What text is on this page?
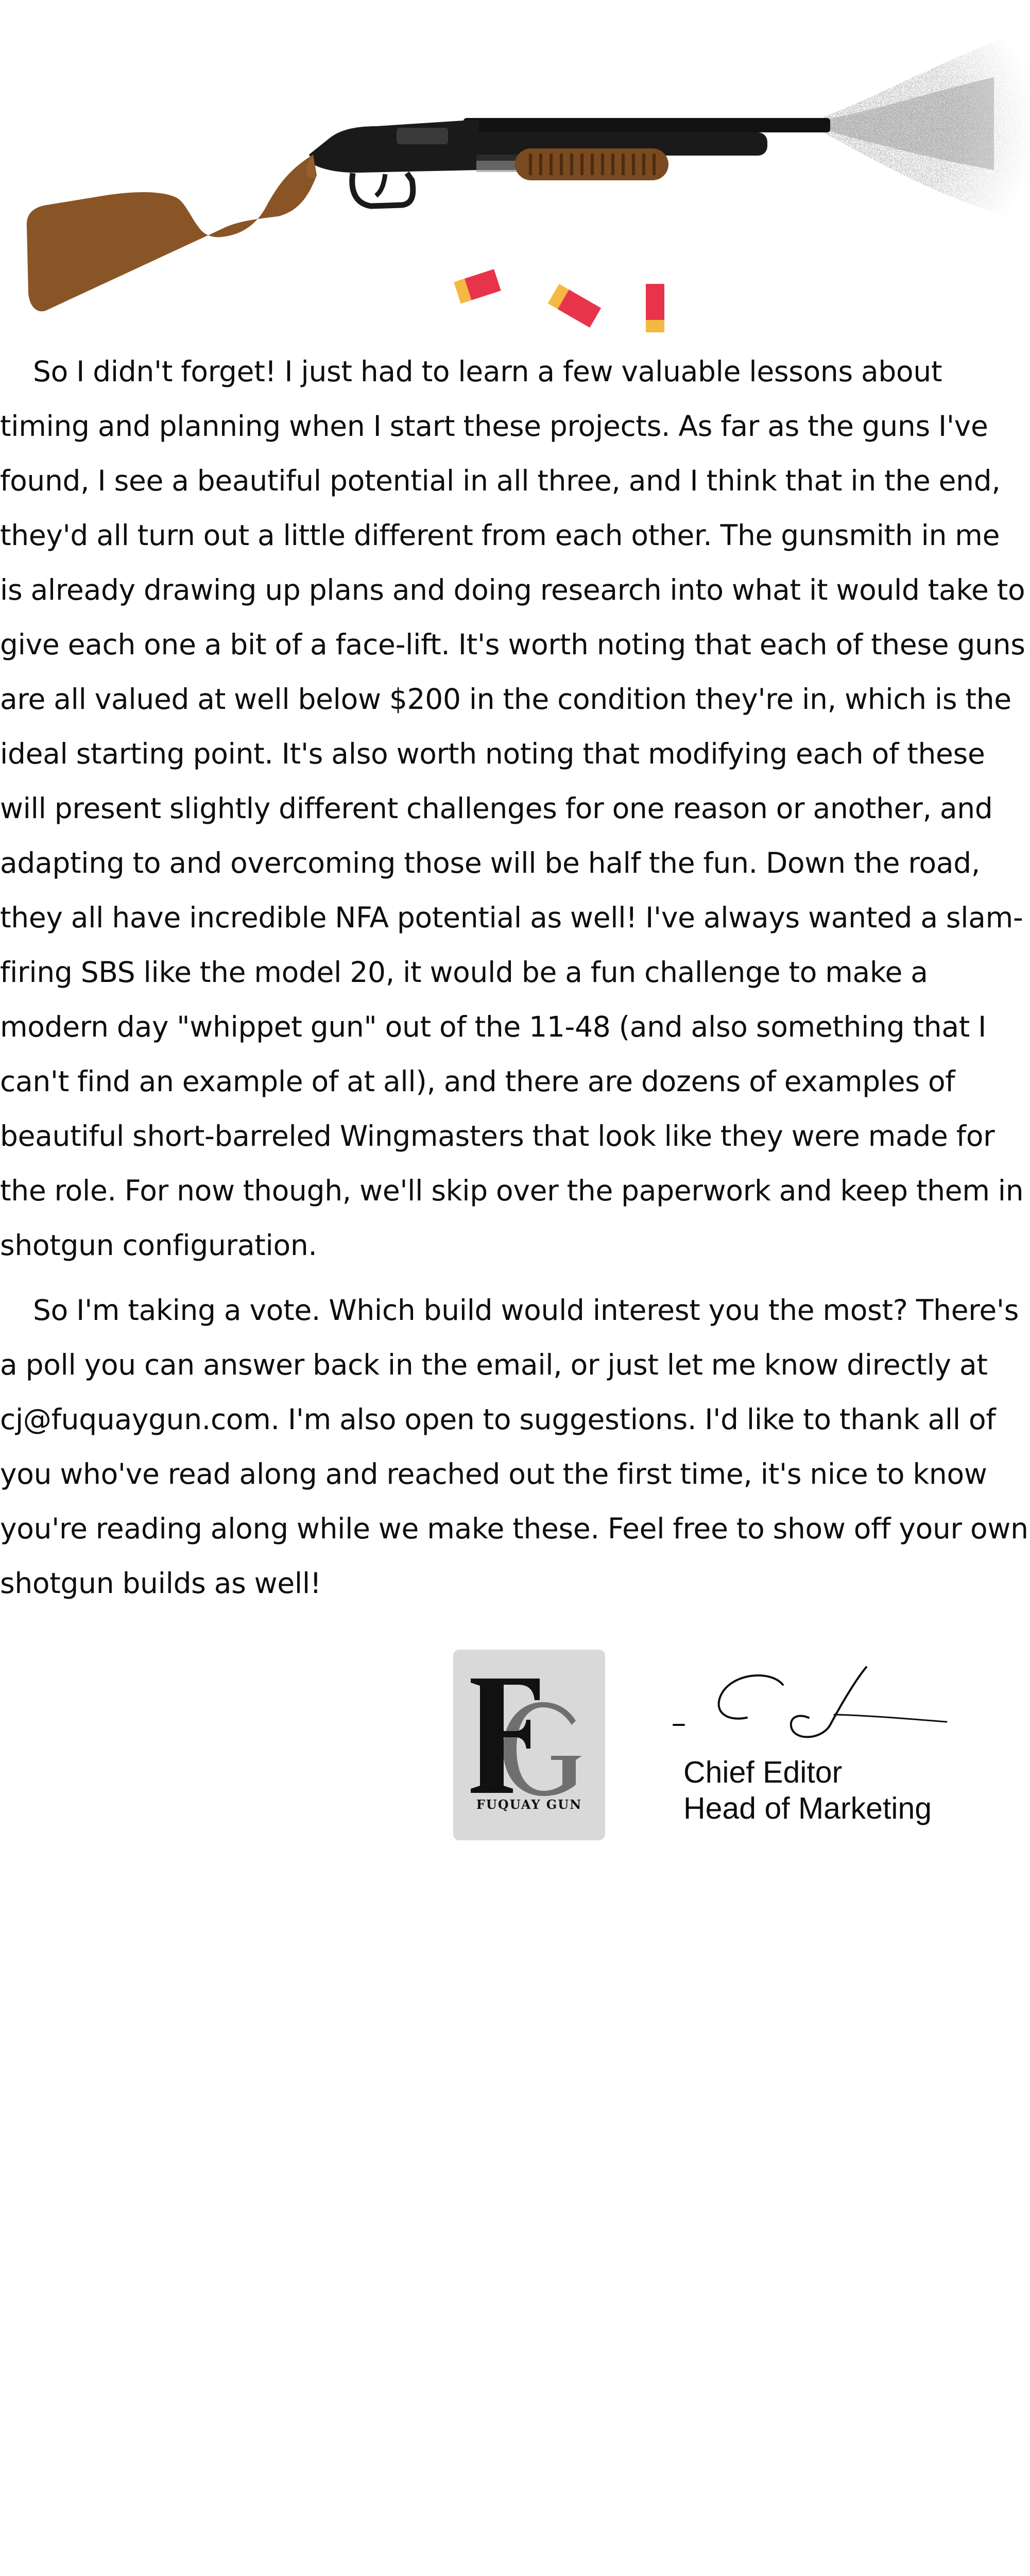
So I didn't forget! I just had to learn a few valuable lessons about timing and planning when I start these projects. As far as the guns I've found, I see a beautiful potential in all three, and I think that in the end, they'd all turn out a little different from each other. The gunsmith in me is already drawing up plans and doing research into what it would take to give each one a bit of a face-lift. It's worth noting that each of these guns are all valued at well below $200 in the condition they're in, which is the ideal starting point. It's also worth noting that modifying each of these will present slightly different challenges for one reason or another, and adapting to and overcoming those will be half the fun. Down the road, they all have incredible NFA potential as well! I've always wanted a slam-firing SBS like the model 20, it would be a fun challenge to make a modern day "whippet gun" out of the 11-48 (and also something that I can't find an example of at all), and there are dozens of examples of beautiful short-barreled Wingmasters that look like they were made for the role. For now though, we'll skip over the paperwork and keep them in shotgun configuration.

So I'm taking a vote. Which build would interest you the most? There's a poll you can answer back in the email, or just let me know directly at cj@fuquaygun.com. I'm also open to suggestions. I'd like to thank all of you who've read along and reached out the first time, it's nice to know you're reading along while we make these. Feel free to show off your own shotgun builds as well!

FUQUAY GUN
Chief Editor
Head of Marketing
